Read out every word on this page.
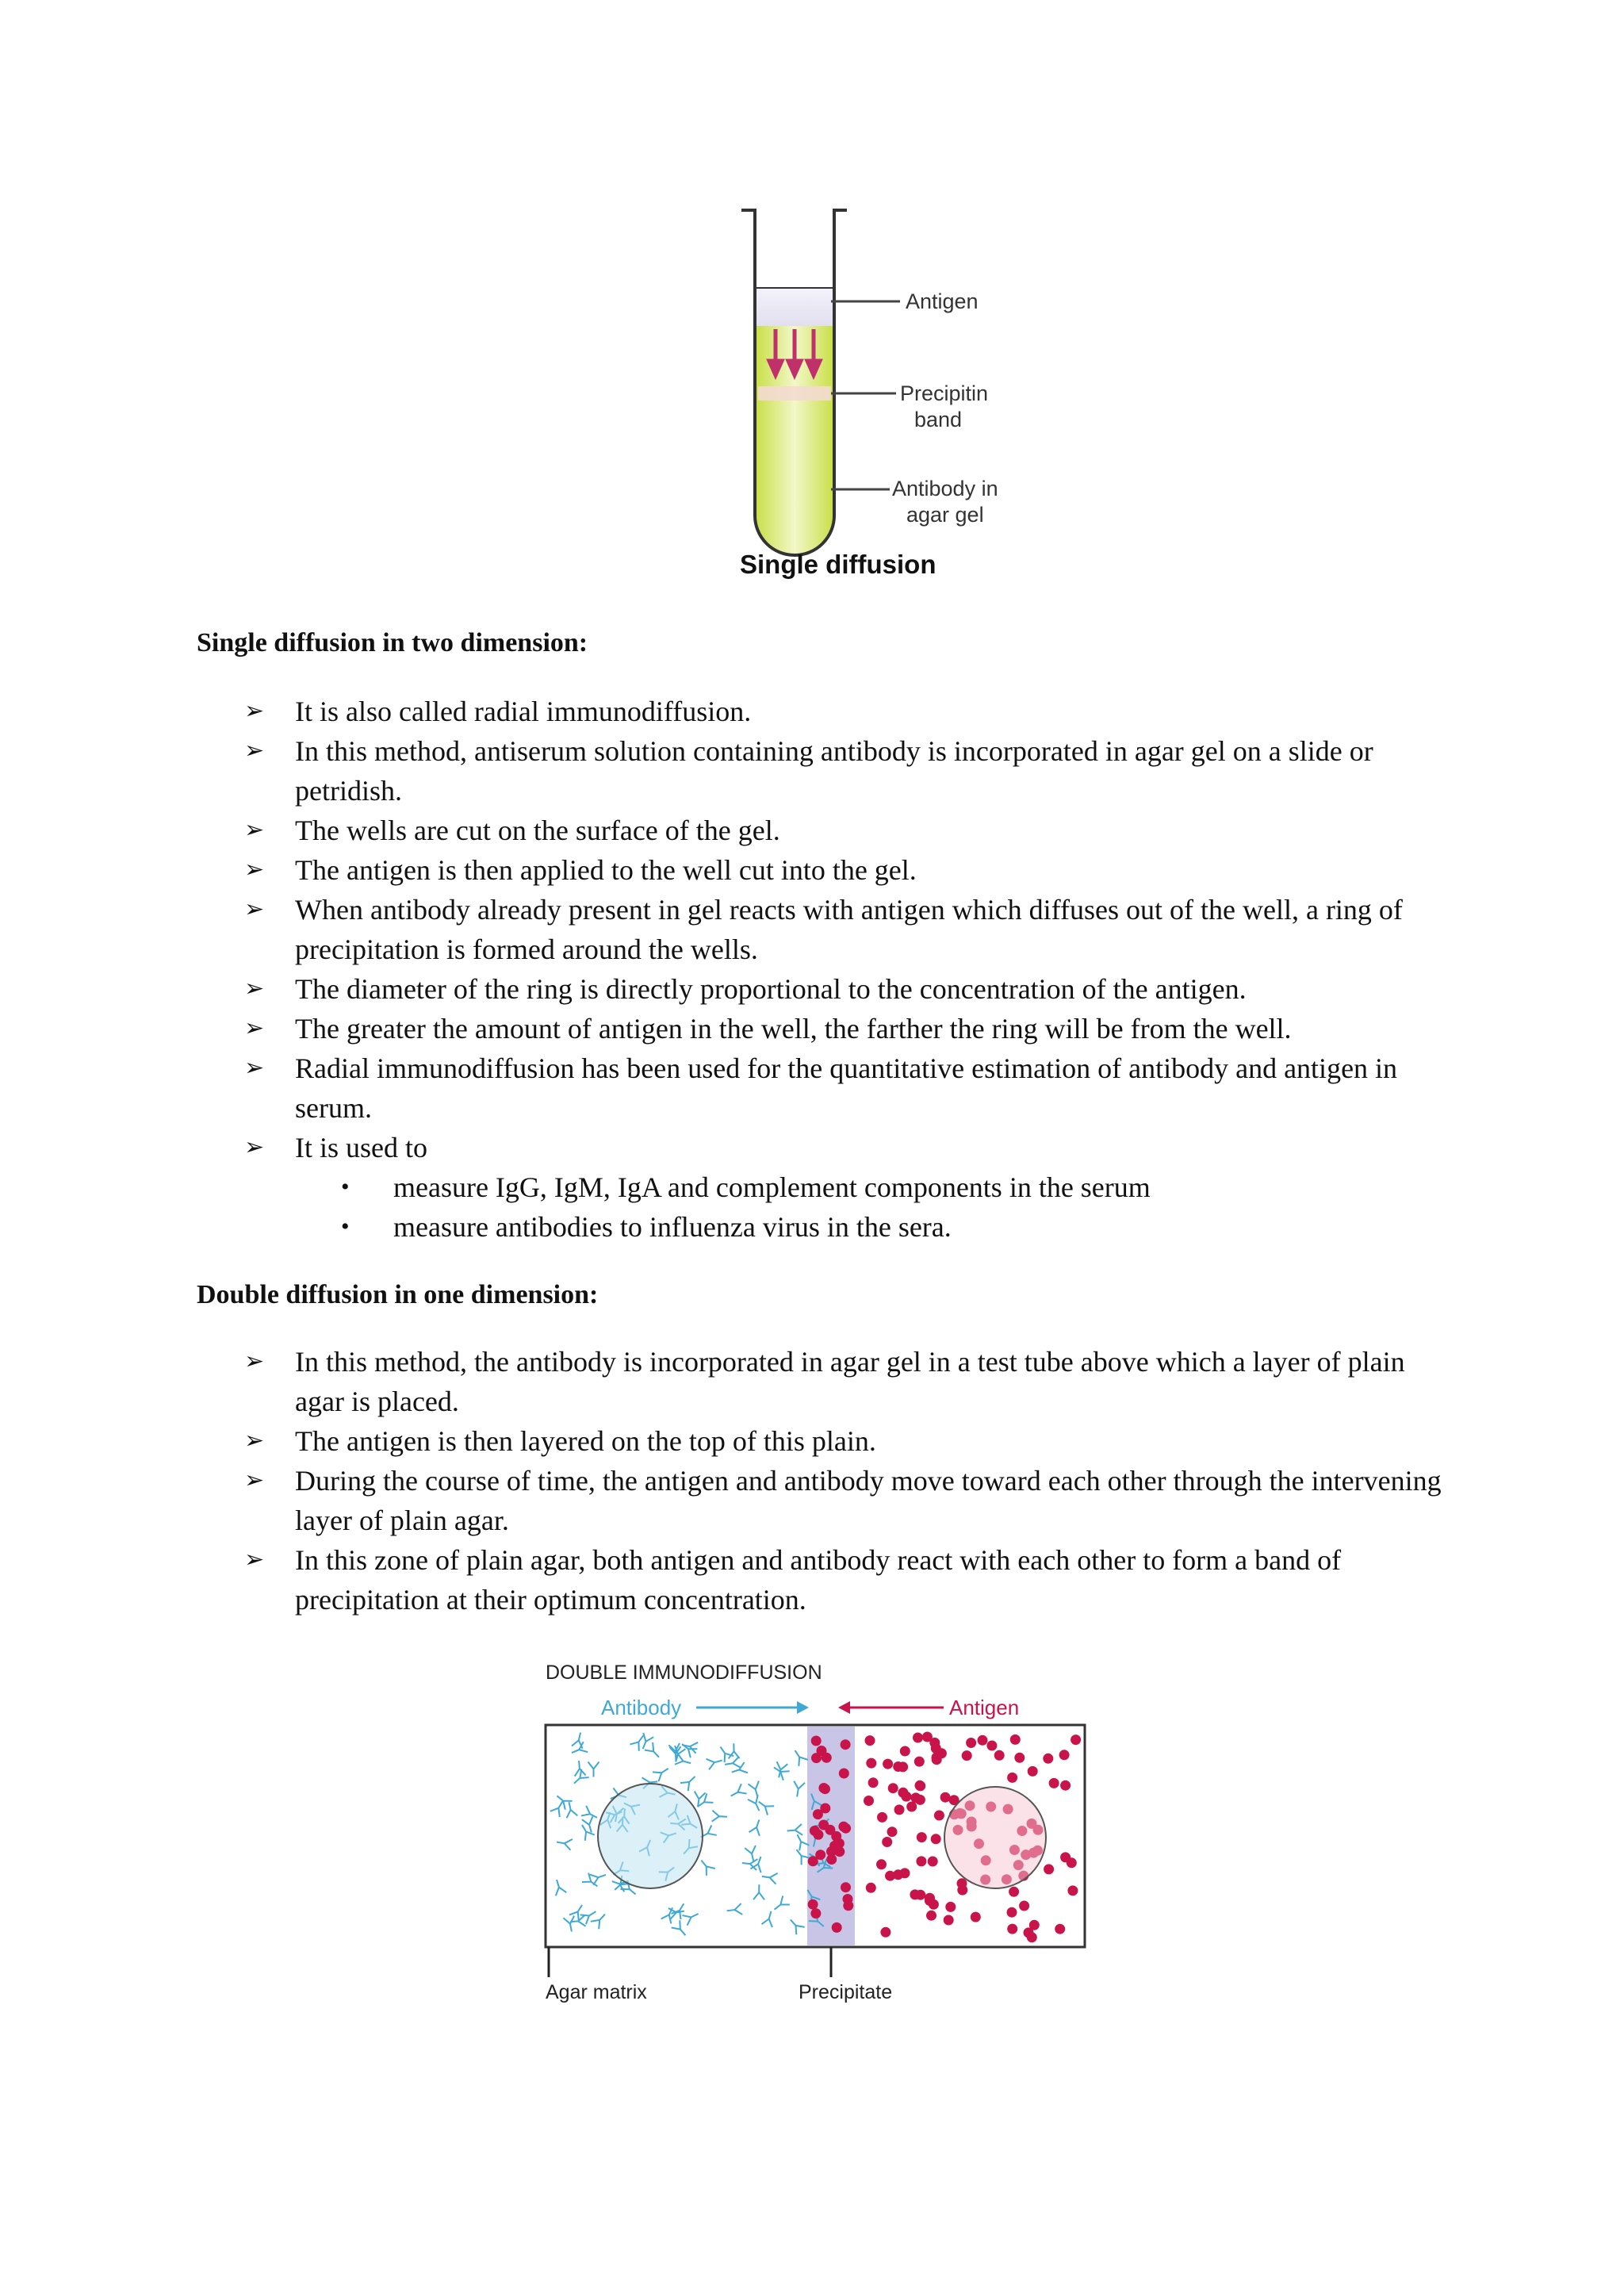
Antigen
Precipitin
band
Antibody in
agar gel
Single diffusion
Single diffusion in two dimension:
➢ It is also called radial immunodiffusion.
➢ In this method, antiserum solution containing antibody is incorporated in agar gel on a slide or petridish.
➢ The wells are cut on the surface of the gel.
➢ The antigen is then applied to the well cut into the gel.
➢ When antibody already present in gel reacts with antigen which diffuses out of the well, a ring of precipitation is formed around the wells.
➢ The diameter of the ring is directly proportional to the concentration of the antigen.
➢ The greater the amount of antigen in the well, the farther the ring will be from the well.
➢ Radial immunodiffusion has been used for the quantitative estimation of antibody and antigen in serum.
➢ It is used to
• measure IgG, IgM, IgA and complement components in the serum
• measure antibodies to influenza virus in the sera.
Double diffusion in one dimension:
➢ In this method, the antibody is incorporated in agar gel in a test tube above which a layer of plain agar is placed.
➢ The antigen is then layered on the top of this plain.
➢ During the course of time, the antigen and antibody move toward each other through the intervening layer of plain agar.
➢ In this zone of plain agar, both antigen and antibody react with each other to form a band of precipitation at their optimum concentration.
DOUBLE IMMUNODIFFUSION
Antibody	Antigen
Agar matrix	Precipitate
